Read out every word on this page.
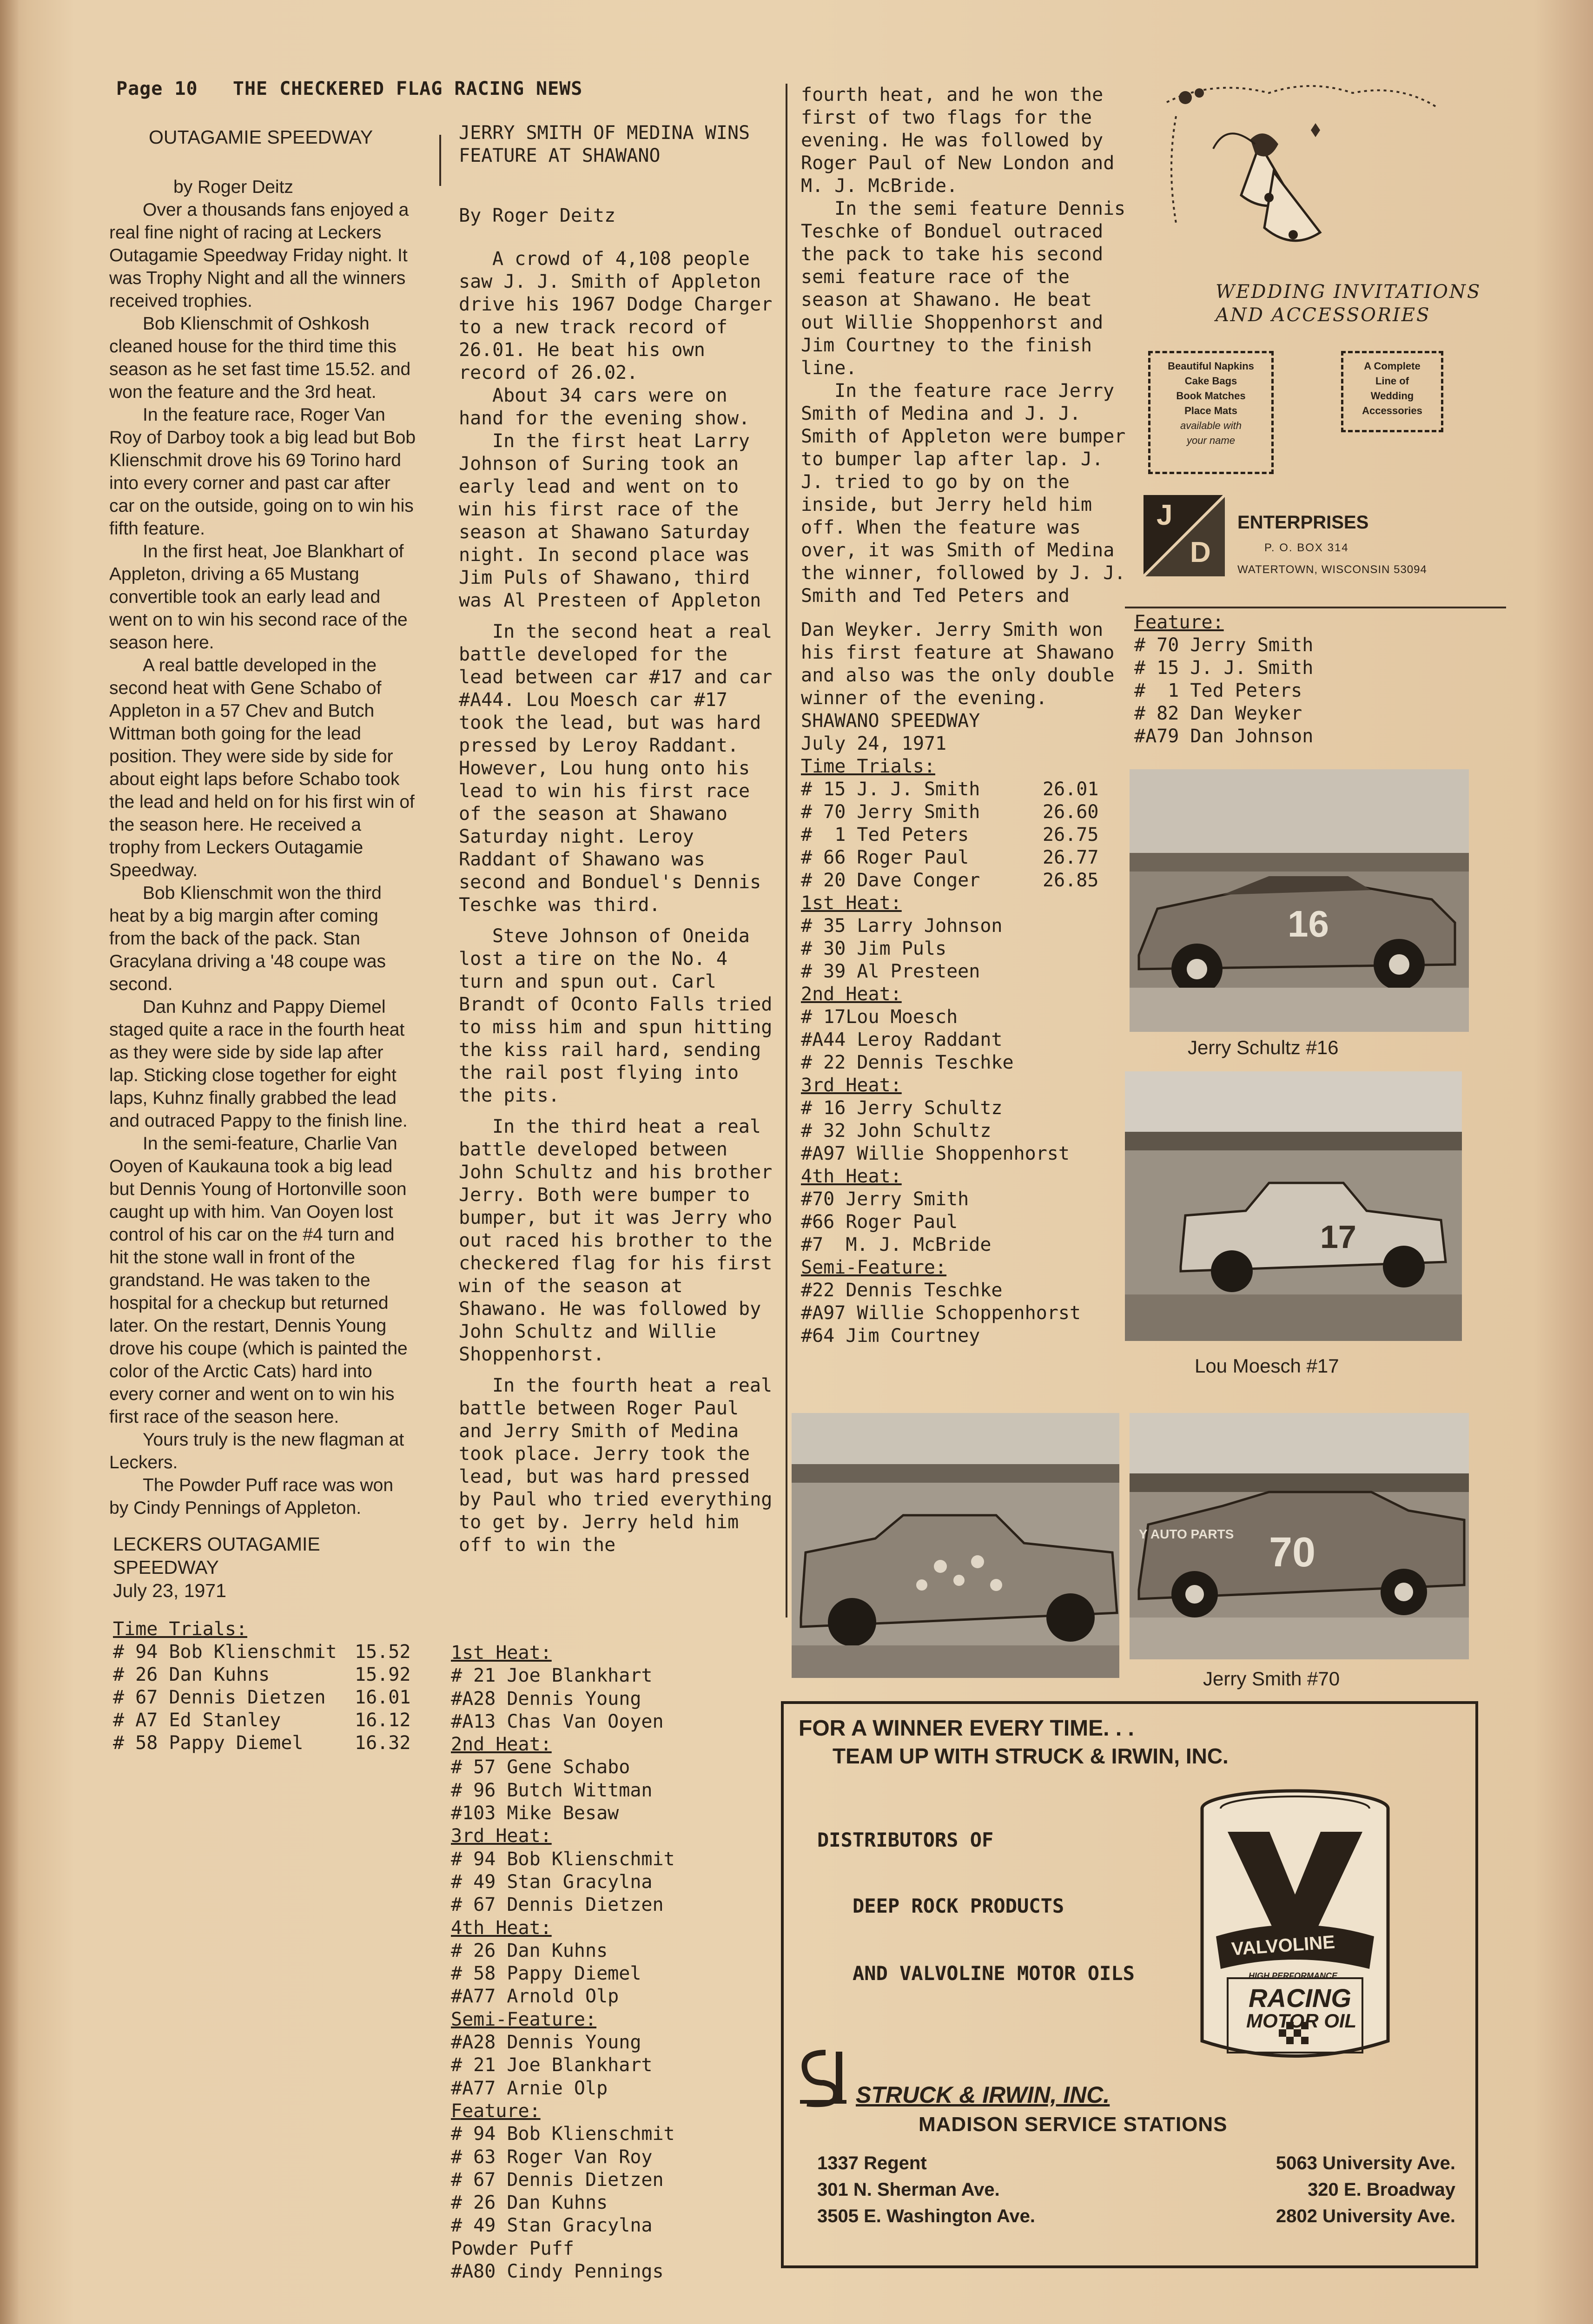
Page 10 THE CHECKERED FLAG RACING NEWS
OUTAGAMIE SPEEDWAY

by Roger Deitz

Over a thousands fans enjoyed a real fine night of racing at Leckers Outagamie Speedway Friday night. It was Trophy Night and all the winners received trophies.

Bob Klienschmit of Oshkosh cleaned house for the third time this season as he set fast time 15.52. and won the feature and the 3rd heat.

In the feature race, Roger Van Roy of Darboy took a big lead but Bob Klienschmit drove his 69 Torino hard into every corner and past car after car on the outside, going on to win his fifth feature.

In the first heat, Joe Blankhart of Appleton, driving a 65 Mustang convertible took an early lead and went on to win his second race of the season here.

A real battle developed in the second heat with Gene Schabo of Appleton in a 57 Chev and Butch Wittman both going for the lead position. They were side by side for about eight laps before Schabo took the lead and held on for his first win of the season here. He received a trophy from Leckers Outagamie Speedway.

Bob Klienschmit won the third heat by a big margin after coming from the back of the pack. Stan Gracylana driving a '48 coupe was second.

Dan Kuhnz and Pappy Diemel staged quite a race in the fourth heat as they were side by side lap after lap. Sticking close together for eight laps, Kuhnz finally grabbed the lead and outraced Pappy to the finish line.

In the semi-feature, Charlie Van Ooyen of Kaukauna took a big lead but Dennis Young of Hortonville soon caught up with him. Van Ooyen lost control of his car on the #4 turn and hit the stone wall in front of the grandstand. He was taken to the hospital for a checkup but returned later. On the restart, Dennis Young drove his coupe (which is painted the color of the Arctic Cats) hard into every corner and went on to win his first race of the season here.

Yours truly is the new flagman at Leckers.

The Powder Puff race was won by Cindy Pennings of Appleton.

LECKERS OUTAGAMIE SPEEDWAY

July 23, 1971

Time Trials:

# 94 Bob Klienschmit 15.52
# 26 Dan Kuhns	15.92
# 67 Dennis Dietzen	16.01
# A7 Ed Stanley	16.12
# 58 Pappy Diemel	16.32

JERRY SMITH OF MEDINA WINS

FEATURE AT SHAWANO

By Roger Deitz

A crowd of 4,108 people saw J. J. Smith of Appleton drive his 1967 Dodge Charger to a new track record of 26.01. He beat his own record of 26.02.

About 34 cars were on hand for the evening show.

In the first heat Larry Johnson of Suring took an early lead and went on to win his first race of the season at Shawano Saturday night. In second place was Jim Puls of Shawano, third was Al Presteen of Appleton

In the second heat a real battle developed for the lead between car #17 and car #A44. Lou Moesch car #17 took the lead, but was hard pressed by Leroy Raddant. However, Lou hung onto his lead to win his first race of the season at Shawano Saturday night. Leroy Raddant of Shawano was second and Bonduel's Dennis Teschke was third.

Steve Johnson of Oneida lost a tire on the No. 4 turn and spun out. Carl Brandt of Oconto Falls tried to miss him and spun hitting the kiss rail hard, sending the rail post flying into the pits.

In the third heat a real battle developed between John Schultz and his brother Jerry. Both were bumper to bumper, but it was Jerry who out raced his brother to the checkered flag for his first win of the season at Shawano. He was followed by John Schultz and Willie Shoppenhorst.

In the fourth heat a real battle between Roger Paul and Jerry Smith of Medina took place. Jerry took the lead, but was hard pressed by Paul who tried everything to get by. Jerry held him off to win the

1st Heat:

# 21 Joe Blankhart

#A28 Dennis Young

#A13 Chas Van Ooyen

2nd Heat:

# 57 Gene Schabo

# 96 Butch Wittman

#103 Mike Besaw

3rd Heat:

# 94 Bob Klienschmit

# 49 Stan Gracylna

# 67 Dennis Dietzen

4th Heat:

# 26 Dan Kuhns

# 58 Pappy Diemel

#A77 Arnold Olp

Semi-Feature:

#A28 Dennis Young

# 21 Joe Blankhart

#A77 Arnie Olp

Feature:

# 94 Bob Klienschmit

# 63 Roger Van Roy

# 67 Dennis Dietzen

# 26 Dan Kuhns

# 49 Stan Gracylna

Powder Puff

#A80 Cindy Pennings

fourth heat, and he won the first of two flags for the evening. He was followed by Roger Paul of New London and M. J. McBride.

In the semi feature Dennis Teschke of Bonduel outraced the pack to take his second semi feature race of the season at Shawano. He beat out Willie Shoppenhorst and Jim Courtney to the finish line.

In the feature race Jerry Smith of Medina and J. J. Smith of Appleton were bumper to bumper lap after lap. J. J. tried to go by on the inside, but Jerry held him off. When the feature was over, it was Smith of Medina the winner, followed by J. J. Smith and Ted Peters and

Dan Weyker. Jerry Smith won his first feature at Shawano and also was the only double winner of the evening.

SHAWANO SPEEDWAY

July 24, 1971

Time Trials:

# 15 J. J. Smith	26.01
# 70 Jerry Smith	26.60
#  1 Ted Peters	26.75
# 66 Roger Paul	26.77
# 20 Dave Conger	26.85

1st Heat:

# 35 Larry Johnson

# 30 Jim Puls

# 39 Al Presteen

2nd Heat:

# 17Lou Moesch

#A44 Leroy Raddant

# 22 Dennis Teschke

3rd Heat:

# 16 Jerry Schultz

# 32 John Schultz

#A97 Willie Shoppenhorst

4th Heat:

#70 Jerry Smith

#66 Roger Paul

#7  M. J. McBride

Semi-Feature:

#22 Dennis Teschke

#A97 Willie Schoppenhorst

#64 Jim Courtney

Feature:

# 70 Jerry Smith

# 15 J. J. Smith

#  1 Ted Peters

# 82 Dan Weyker

#A79 Dan Johnson

WEDDING INVITATIONS
AND ACCESSORIES
Beautiful Napkins
Cake Bags
Book Matches
Place Mats
available with
your name
A Complete
Line of
Wedding
Accessories
J
D
ENTERPRISES
P. O. BOX 314
WATERTOWN, WISCONSIN 53094
16
Jerry Schultz #16
17
Lou Moesch #17
Y AUTO PARTS 70
Jerry Smith #70
FOR A WINNER EVERY TIME. . .
TEAM UP WITH STRUCK & IRWIN, INC.
DISTRIBUTORS OF
DEEP ROCK PRODUCTS
AND VALVOLINE MOTOR OILS
VALVOLINE
HIGH PERFORMANCE
RACING
MOTOR OIL
STRUCK & IRWIN, INC.
MADISON SERVICE STATIONS
1337 Regent
301 N. Sherman Ave.
3505 E. Washington Ave.
5063 University Ave.
320 E. Broadway
2802 University Ave.
